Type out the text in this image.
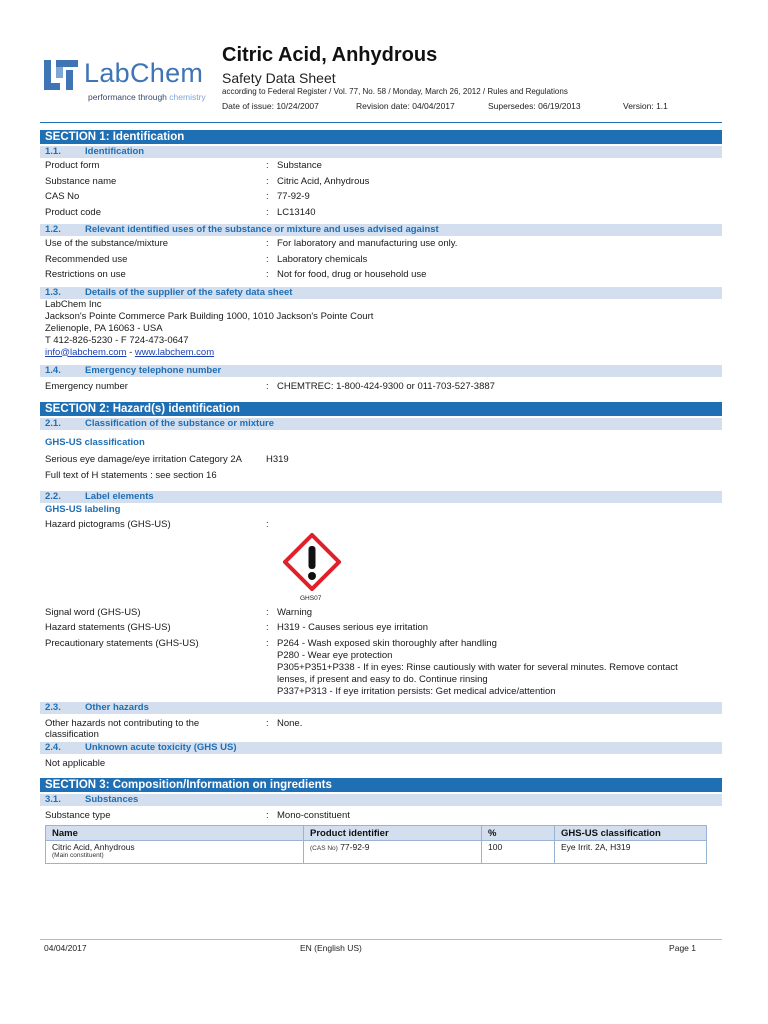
LabChem
performance through chemistry
Citric Acid, Anhydrous
Safety Data Sheet
according to Federal Register / Vol. 77, No. 58 / Monday, March 26, 2012 / Rules and Regulations
Date of issue: 10/24/2007	Revision date: 04/04/2017	Supersedes: 06/19/2013	Version: 1.1
SECTION 1: Identification
1.1.	Identification
Product form	: Substance
Substance name	: Citric Acid, Anhydrous
CAS No	: 77-92-9
Product code	: LC13140
1.2.	Relevant identified uses of the substance or mixture and uses advised against
Use of the substance/mixture	: For laboratory and manufacturing use only.
Recommended use	: Laboratory chemicals
Restrictions on use	: Not for food, drug or household use
1.3.	Details of the supplier of the safety data sheet
LabChem Inc
Jackson's Pointe Commerce Park Building 1000, 1010 Jackson's Pointe Court
Zelienople, PA 16063 - USA
T 412-826-5230 - F 724-473-0647
info@labchem.com - www.labchem.com
1.4.	Emergency telephone number
Emergency number	: CHEMTREC: 1-800-424-9300 or 011-703-527-3887
SECTION 2: Hazard(s) identification
2.1.	Classification of the substance or mixture
GHS-US classification
Serious eye damage/eye irritation Category 2A	H319
Full text of H statements : see section 16
2.2.	Label elements
GHS-US labeling
Hazard pictograms (GHS-US)	:
GHS07
Signal word (GHS-US)	: Warning
Hazard statements (GHS-US)	: H319 - Causes serious eye irritation
Precautionary statements (GHS-US)	: P264 - Wash exposed skin thoroughly after handling
P280 - Wear eye protection
P305+P351+P338 - If in eyes: Rinse cautiously with water for several minutes. Remove contact
lenses, if present and easy to do. Continue rinsing
P337+P313 - If eye irritation persists: Get medical advice/attention
2.3.	Other hazards
Other hazards not contributing to the
classification
: None.
2.4.	Unknown acute toxicity (GHS US)
Not applicable
SECTION 3: Composition/Information on ingredients
3.1.	Substances
Substance type	: Mono-constituent
Name	Product identifier	%	GHS-US classification

Citric Acid, Anhydrous
(Main constituent)	(CAS No) 77-92-9	100	Eye Irrit. 2A, H319
04/04/2017	EN (English US)	Page 1
